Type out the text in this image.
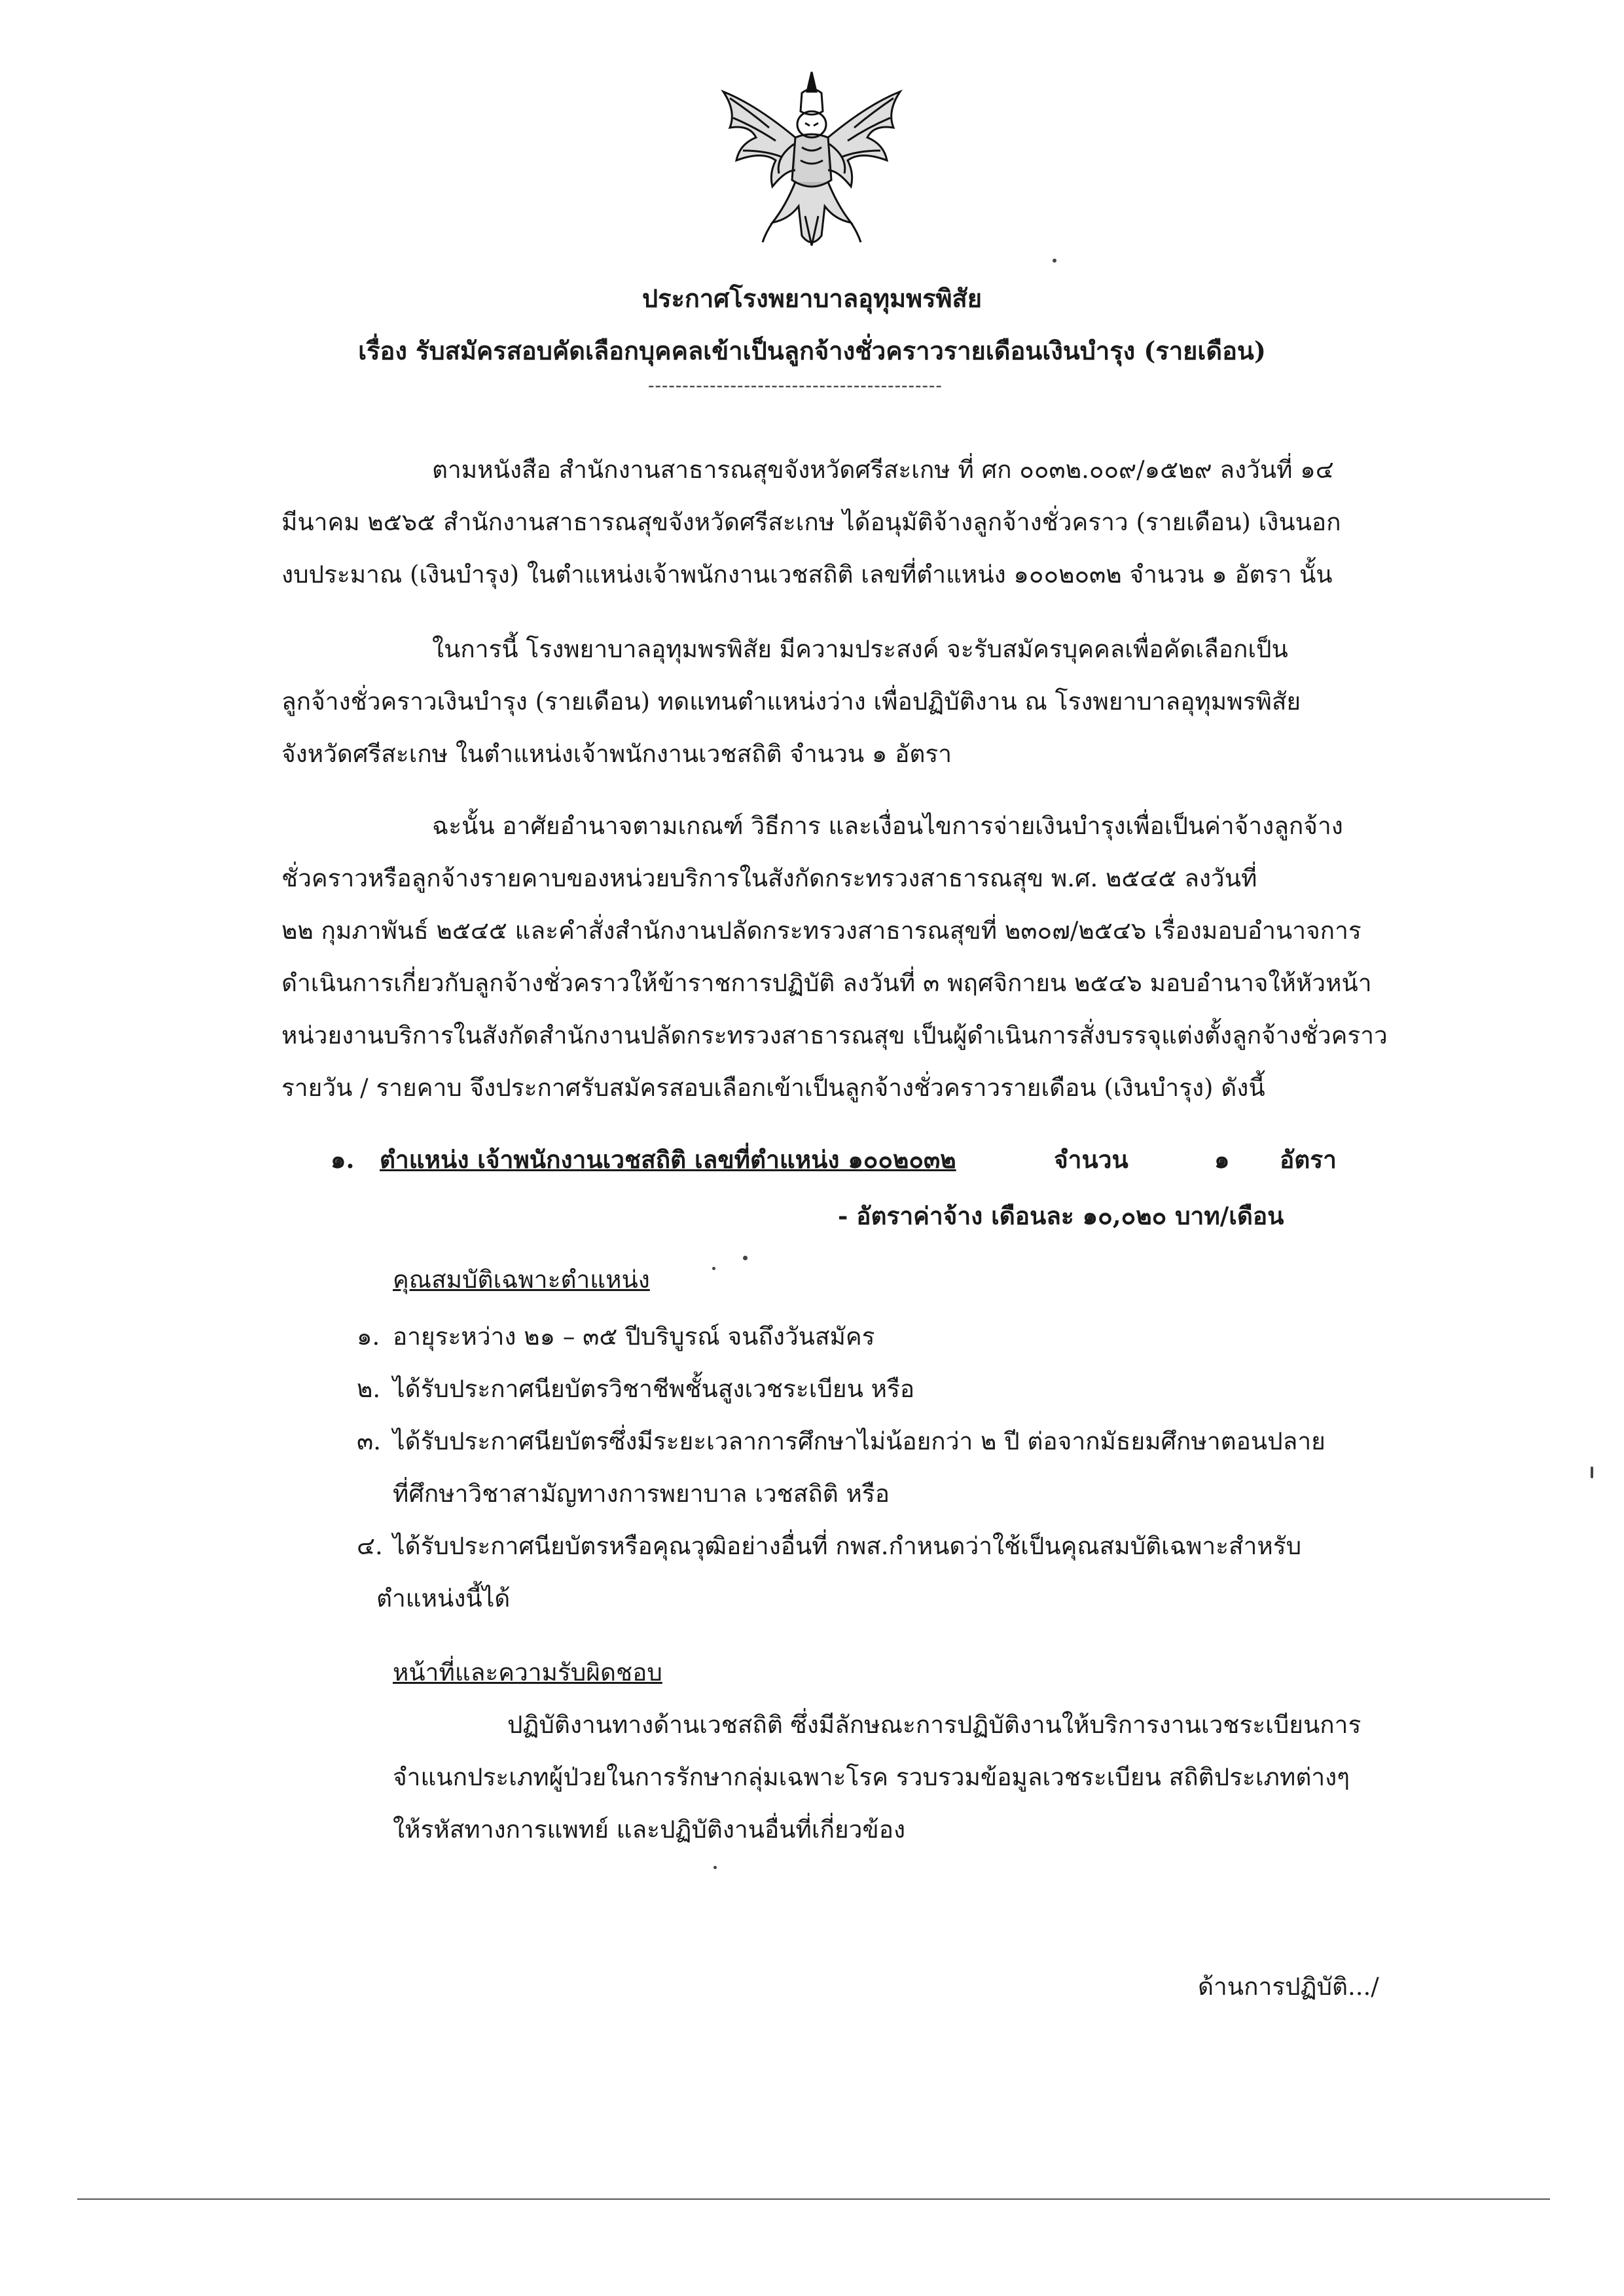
ประกาศโรงพยาบาลอุทุมพรพิสัย
เรื่อง รับสมัครสอบคัดเลือกบุคคลเข้าเป็นลูกจ้างชั่วคราวรายเดือนเงินบำรุง (รายเดือน)
-------------------------------------------
ตามหนังสือ สำนักงานสาธารณสุขจังหวัดศรีสะเกษ ที่ ศก ๐๐๓๒.๐๐๙/๑๕๒๙ ลงวันที่ ๑๔
มีนาคม ๒๕๖๕ สำนักงานสาธารณสุขจังหวัดศรีสะเกษ ได้อนุมัติจ้างลูกจ้างชั่วคราว (รายเดือน) เงินนอก
งบประมาณ (เงินบำรุง) ในตำแหน่งเจ้าพนักงานเวชสถิติ เลขที่ตำแหน่ง ๑๐๐๒๐๓๒ จำนวน ๑ อัตรา นั้น
ในการนี้ โรงพยาบาลอุทุมพรพิสัย มีความประสงค์ จะรับสมัครบุคคลเพื่อคัดเลือกเป็น
ลูกจ้างชั่วคราวเงินบำรุง (รายเดือน) ทดแทนตำแหน่งว่าง เพื่อปฏิบัติงาน ณ โรงพยาบาลอุทุมพรพิสัย
จังหวัดศรีสะเกษ ในตำแหน่งเจ้าพนักงานเวชสถิติ จำนวน ๑ อัตรา
ฉะนั้น อาศัยอำนาจตามเกณฑ์ วิธีการ และเงื่อนไขการจ่ายเงินบำรุงเพื่อเป็นค่าจ้างลูกจ้าง
ชั่วคราวหรือลูกจ้างรายคาบของหน่วยบริการในสังกัดกระทรวงสาธารณสุข พ.ศ. ๒๕๔๕ ลงวันที่
๒๒ กุมภาพันธ์ ๒๕๔๕ และคำสั่งสำนักงานปลัดกระทรวงสาธารณสุขที่ ๒๓๐๗/๒๕๔๖ เรื่องมอบอำนาจการ
ดำเนินการเกี่ยวกับลูกจ้างชั่วคราวให้ข้าราชการปฏิบัติ ลงวันที่ ๓ พฤศจิกายน ๒๕๔๖ มอบอำนาจให้หัวหน้า
หน่วยงานบริการในสังกัดสำนักงานปลัดกระทรวงสาธารณสุข เป็นผู้ดำเนินการสั่งบรรจุแต่งตั้งลูกจ้างชั่วคราว
รายวัน / รายคาบ จึงประกาศรับสมัครสอบเลือกเข้าเป็นลูกจ้างชั่วคราวรายเดือน (เงินบำรุง) ดังนี้
๑. ตำแหน่ง เจ้าพนักงานเวชสถิติ เลขที่ตำแหน่ง ๑๐๐๒๐๓๒	จำนวน	๑ อัตรา
- อัตราค่าจ้าง เดือนละ ๑๐,๐๒๐ บาท/เดือน
คุณสมบัติเฉพาะตำแหน่ง
๑. อายุระหว่าง ๒๑ – ๓๕ ปีบริบูรณ์ จนถึงวันสมัคร
๒. ได้รับประกาศนียบัตรวิชาชีพชั้นสูงเวชระเบียน หรือ
๓. ได้รับประกาศนียบัตรซึ่งมีระยะเวลาการศึกษาไม่น้อยกว่า ๒ ปี ต่อจากมัธยมศึกษาตอนปลาย
ที่ศึกษาวิชาสามัญทางการพยาบาล เวชสถิติ หรือ
๔. ได้รับประกาศนียบัตรหรือคุณวุฒิอย่างอื่นที่ กพส.กำหนดว่าใช้เป็นคุณสมบัติเฉพาะสำหรับ
ตำแหน่งนี้ได้
หน้าที่และความรับผิดชอบ
ปฏิบัติงานทางด้านเวชสถิติ ซึ่งมีลักษณะการปฏิบัติงานให้บริการงานเวชระเบียนการ
จำแนกประเภทผู้ป่วยในการรักษากลุ่มเฉพาะโรค รวบรวมข้อมูลเวชระเบียน สถิติประเภทต่างๆ
ให้รหัสทางการแพทย์ และปฏิบัติงานอื่นที่เกี่ยวข้อง
ด้านการปฏิบัติ.../
